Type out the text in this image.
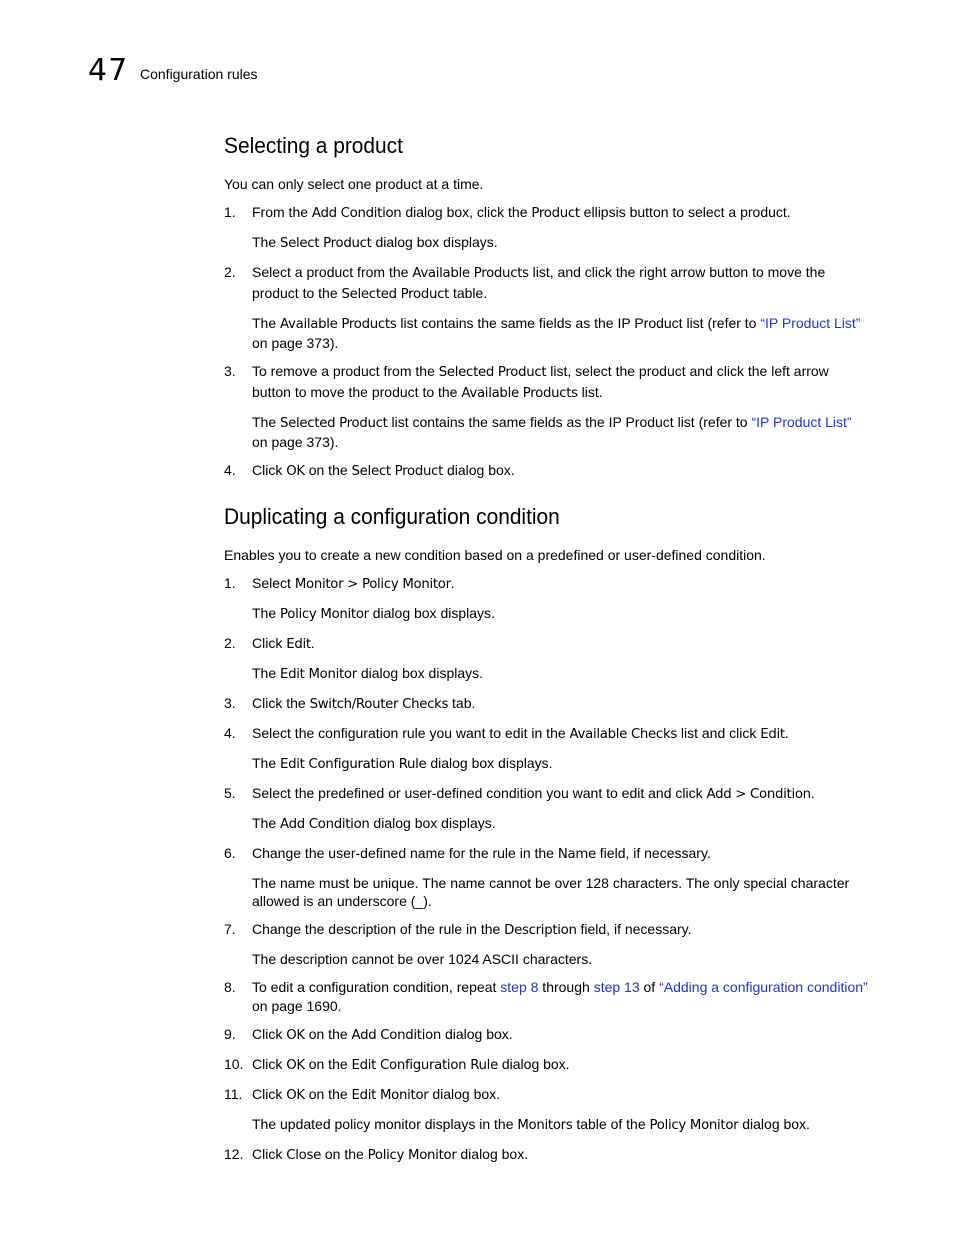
47 Configuration rules
Selecting a product

You can only select one product at a time.

1.	From the Add Condition dialog box, click the Product ellipsis button to select a product.
The Select Product dialog box displays.
2.	Select a product from the Available Products list, and click the right arrow button to move the product to the Selected Product table.
The Available Products list contains the same fields as the IP Product list (refer to “IP Product List” on page 373).
3.	To remove a product from the Selected Product list, select the product and click the left arrow button to move the product to the Available Products list.
The Selected Product list contains the same fields as the IP Product list (refer to “IP Product List” on page 373).
4.	Click OK on the Select Product dialog box.
Duplicating a configuration condition

Enables you to create a new condition based on a predefined or user-defined condition.

1.	Select Monitor > Policy Monitor.
The Policy Monitor dialog box displays.
2.	Click Edit.
The Edit Monitor dialog box displays.
3.	Click the Switch/Router Checks tab.
4.	Select the configuration rule you want to edit in the Available Checks list and click Edit.
The Edit Configuration Rule dialog box displays.
5.	Select the predefined or user-defined condition you want to edit and click Add > Condition.
The Add Condition dialog box displays.
6.	Change the user-defined name for the rule in the Name field, if necessary.
The name must be unique. The name cannot be over 128 characters. The only special character allowed is an underscore (_).
7.	Change the description of the rule in the Description field, if necessary.
The description cannot be over 1024 ASCII characters.
8.	To edit a configuration condition, repeat step 8 through step 13 of “Adding a configuration condition” on page 1690.
9.	Click OK on the Add Condition dialog box.
10. Click OK on the Edit Configuration Rule dialog box.
11. Click OK on the Edit Monitor dialog box.
The updated policy monitor displays in the Monitors table of the Policy Monitor dialog box.
12. Click Close on the Policy Monitor dialog box.
